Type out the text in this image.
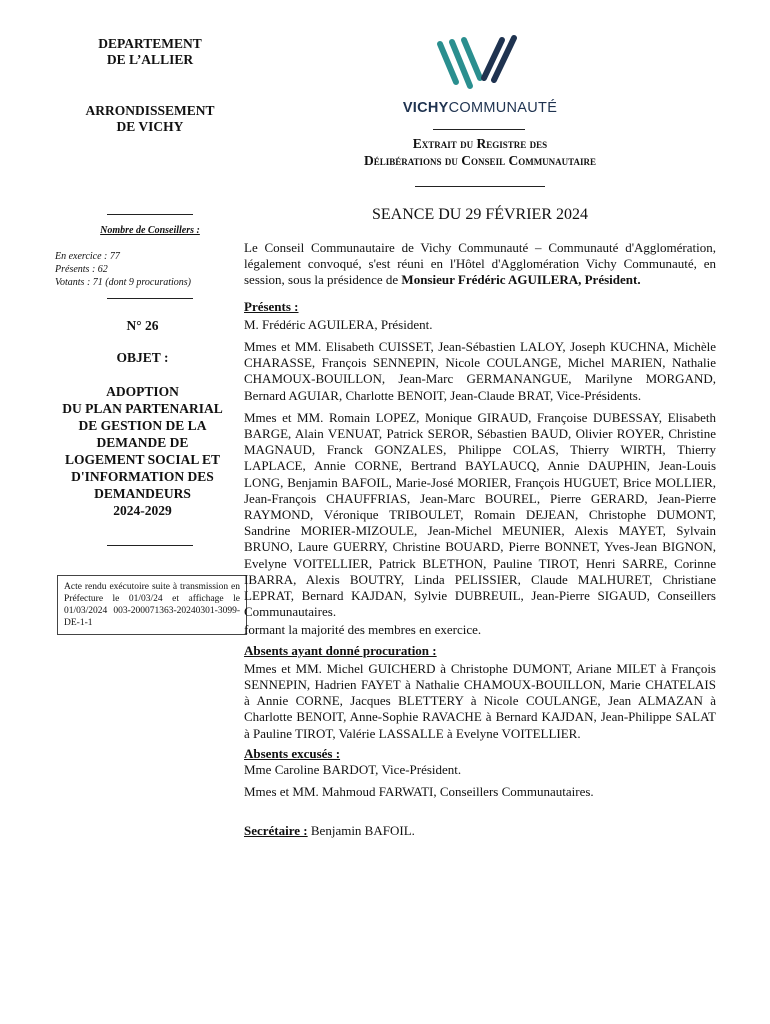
DEPARTEMENT
DE L’ALLIER
ARRONDISSEMENT
DE VICHY
VICHYCOMMUNAUTÉ
Extrait du Registre des
Délibérations du Conseil Communautaire
SEANCE DU 29 FÉVRIER 2024
Nombre de Conseillers :
En exercice : 77
Présents : 62
Votants : 71 (dont 9 procurations)
N° 26
OBJET :
ADOPTION
DU PLAN PARTENARIAL
DE GESTION DE LA
DEMANDE DE
LOGEMENT SOCIAL ET
D'INFORMATION DES
DEMANDEURS
2024-2029
Acte rendu exécutoire suite à transmission en Préfecture le 01/03/24 et affichage le 01/03/2024 003-200071363-20240301-3099-DE-1-1

Le Conseil Communautaire de Vichy Communauté – Communauté d'Agglomération, légalement convoqué, s'est réuni en l'Hôtel d'Agglomération Vichy Communauté, en session, sous la présidence de Monsieur Frédéric AGUILERA, Président.

Présents :

M. Frédéric AGUILERA, Président.

Mmes et MM. Elisabeth CUISSET, Jean-Sébastien LALOY, Joseph KUCHNA, Michèle CHARASSE, François SENNEPIN, Nicole COULANGE, Michel MARIEN, Nathalie CHAMOUX-BOUILLON, Jean-Marc GERMANANGUE, Marilyne MORGAND, Bernard AGUIAR, Charlotte BENOIT, Jean-Claude BRAT, Vice-Présidents.

Mmes et MM. Romain LOPEZ, Monique GIRAUD, Françoise DUBESSAY, Elisabeth BARGE, Alain VENUAT, Patrick SEROR, Sébastien BAUD, Olivier ROYER, Christine MAGNAUD, Franck GONZALES, Philippe COLAS, Thierry WIRTH, Thierry LAPLACE, Annie CORNE, Bertrand BAYLAUCQ, Annie DAUPHIN, Jean-Louis LONG, Benjamin BAFOIL, Marie-José MORIER, François HUGUET, Brice MOLLIER, Jean-François CHAUFFRIAS, Jean-Marc BOUREL, Pierre GERARD, Jean-Pierre RAYMOND, Véronique TRIBOULET, Romain DEJEAN, Christophe DUMONT, Sandrine MORIER-MIZOULE, Jean-Michel MEUNIER, Alexis MAYET, Sylvain BRUNO, Laure GUERRY, Christine BOUARD, Pierre BONNET, Yves-Jean BIGNON, Evelyne VOITELLIER, Patrick BLETHON, Pauline TIROT, Henri SARRE, Corinne IBARRA, Alexis BOUTRY, Linda PELISSIER, Claude MALHURET, Christiane LEPRAT, Bernard KAJDAN, Sylvie DUBREUIL, Jean-Pierre SIGAUD, Conseillers Communautaires.

formant la majorité des membres en exercice.

Absents ayant donné procuration :

Mmes et MM. Michel GUICHERD à Christophe DUMONT, Ariane MILET à François SENNEPIN, Hadrien FAYET à Nathalie CHAMOUX-BOUILLON, Marie CHATELAIS à Annie CORNE, Jacques BLETTERY à Nicole COULANGE, Jean ALMAZAN à Charlotte BENOIT, Anne-Sophie RAVACHE à Bernard KAJDAN, Jean-Philippe SALAT à Pauline TIROT, Valérie LASSALLE à Evelyne VOITELLIER.

Absents excusés :

Mme Caroline BARDOT, Vice-Président.

Mmes et MM. Mahmoud FARWATI, Conseillers Communautaires.

Secrétaire : Benjamin BAFOIL.
